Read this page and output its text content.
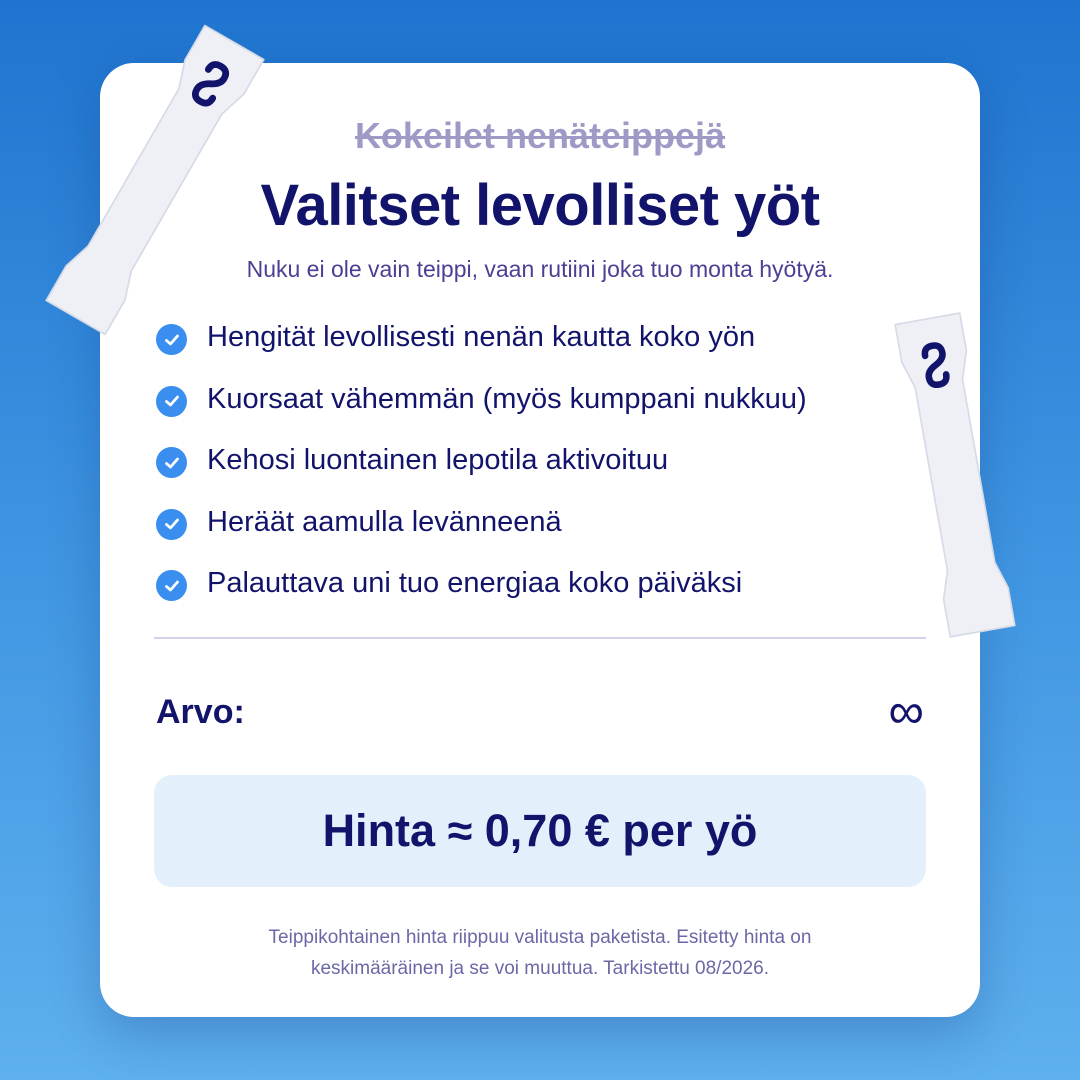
Kokeilet nenäteippejä
Valitset levolliset yöt
Nuku ei ole vain teippi, vaan rutiini joka tuo monta hyötyä.
Hengität levollisesti nenän kautta koko yön
Kuorsaat vähemmän (myös kumppani nukkuu)
Kehosi luontainen lepotila aktivoituu
Heräät aamulla levänneenä
Palauttava uni tuo energiaa koko päiväksi
Arvo:	∞
Hinta ≈ 0,70 € per yö
Teippikohtainen hinta riippuu valitusta paketista. Esitetty hinta on
keskimääräinen ja se voi muuttua. Tarkistettu 08/2026.
